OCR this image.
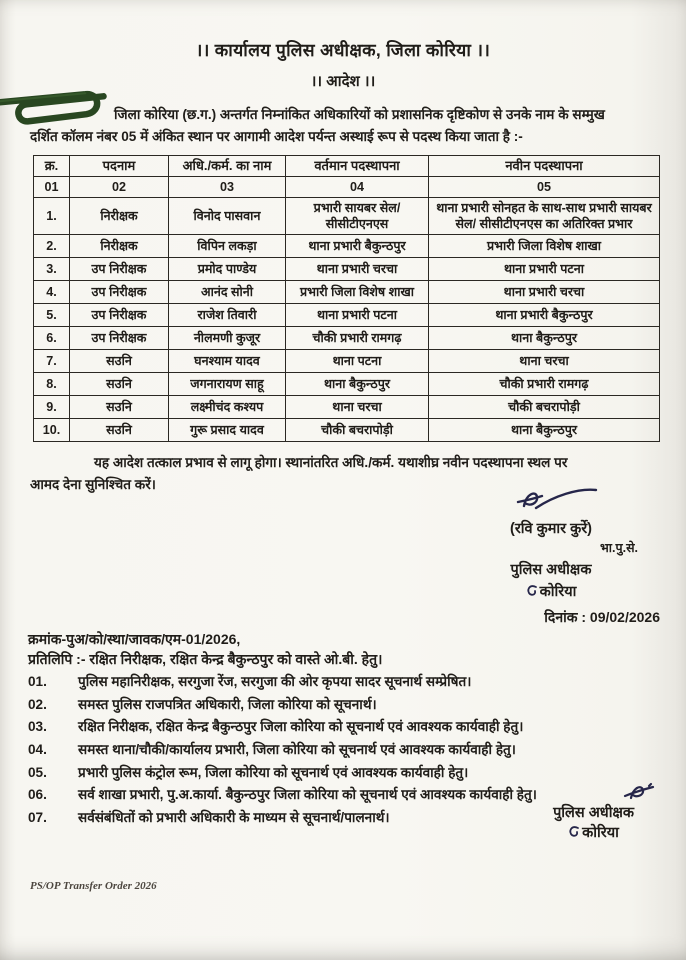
।। कार्यालय पुलिस अधीक्षक, जिला कोरिया ।।
।। आदेश ।।
जिला कोरिया (छ.ग.) अन्तर्गत निम्नांकित अधिकारियों को प्रशासनिक दृष्टिकोण से उनके नाम के सम्मुख
दर्शित कॉलम नंबर 05 में अंकित स्थान पर आगामी आदेश पर्यन्त अस्थाई रूप से पदस्थ किया जाता है :-
क्र.	पदनाम	अधि./कर्म. का नाम	वर्तमान पदस्थापना	नवीन पदस्थापना
01	02	03	04	05
1.	निरीक्षक	विनोद पासवान	प्रभारी सायबर सेल/ सीसीटीएनएस	थाना प्रभारी सोनहत के साथ-साथ प्रभारी सायबर सेल/ सीसीटीएनएस का अतिरिक्त प्रभार
2.	निरीक्षक	विपिन लकड़ा	थाना प्रभारी बैकुन्ठपुर	प्रभारी जिला विशेष शाखा
3.	उप निरीक्षक	प्रमोद पाण्डेय	थाना प्रभारी चरचा	थाना प्रभारी पटना
4.	उप निरीक्षक	आनंद सोनी	प्रभारी जिला विशेष शाखा	थाना प्रभारी चरचा
5.	उप निरीक्षक	राजेश तिवारी	थाना प्रभारी पटना	थाना प्रभारी बैकुन्ठपुर
6.	उप निरीक्षक	नीलमणी कुजूर	चौकी प्रभारी रामगढ़	थाना बैकुन्ठपुर
7.	सउनि	घनश्याम यादव	थाना पटना	थाना चरचा
8.	सउनि	जगनारायण साहू	थाना बैकुन्ठपुर	चौकी प्रभारी रामगढ़
9.	सउनि	लक्ष्मीचंद कश्यप	थाना चरचा	चौकी बचरापोड़ी
10.	सउनि	गुरू प्रसाद यादव	चौकी बचरापोड़ी	थाना बैकुन्ठपुर
यह आदेश तत्काल प्रभाव से लागू होगा। स्थानांतरित अधि./कर्म. यथाशीघ्र नवीन पदस्थापना स्थल पर
आमद देना सुनिश्चित करें।
(रवि कुमार कुर्रे)
भा.पु.से.
पुलिस अधीक्षक
कोरिया
दिनांक : 09/02/2026
क्रमांक-पुअ/को/स्था/जावक/एम-01/2026,
प्रतिलिपि :- रक्षित निरीक्षक, रक्षित केन्द्र बैकुन्ठपुर को वास्ते ओ.बी. हेतु।
01.	पुलिस महानिरीक्षक, सरगुजा रेंज, सरगुजा की ओर कृपया सादर सूचनार्थ सम्प्रेषित।
02.	समस्त पुलिस राजपत्रित अधिकारी, जिला कोरिया को सूचनार्थ।
03.	रक्षित निरीक्षक, रक्षित केन्द्र बैकुन्ठपुर जिला कोरिया को सूचनार्थ एवं आवश्यक कार्यवाही हेतु।
04.	समस्त थाना/चौकी/कार्यालय प्रभारी, जिला कोरिया को सूचनार्थ एवं आवश्यक कार्यवाही हेतु।
05.	प्रभारी पुलिस कंट्रोल रूम, जिला कोरिया को सूचनार्थ एवं आवश्यक कार्यवाही हेतु।
06.	सर्व शाखा प्रभारी, पु.अ.कार्या. बैकुन्ठपुर जिला कोरिया को सूचनार्थ एवं आवश्यक कार्यवाही हेतु।
07.	सर्वसंबंधितों को प्रभारी अधिकारी के माध्यम से सूचनार्थ/पालनार्थ।	पुलिस अधीक्षक
कोरिया
PS/OP Transfer Order 2026
